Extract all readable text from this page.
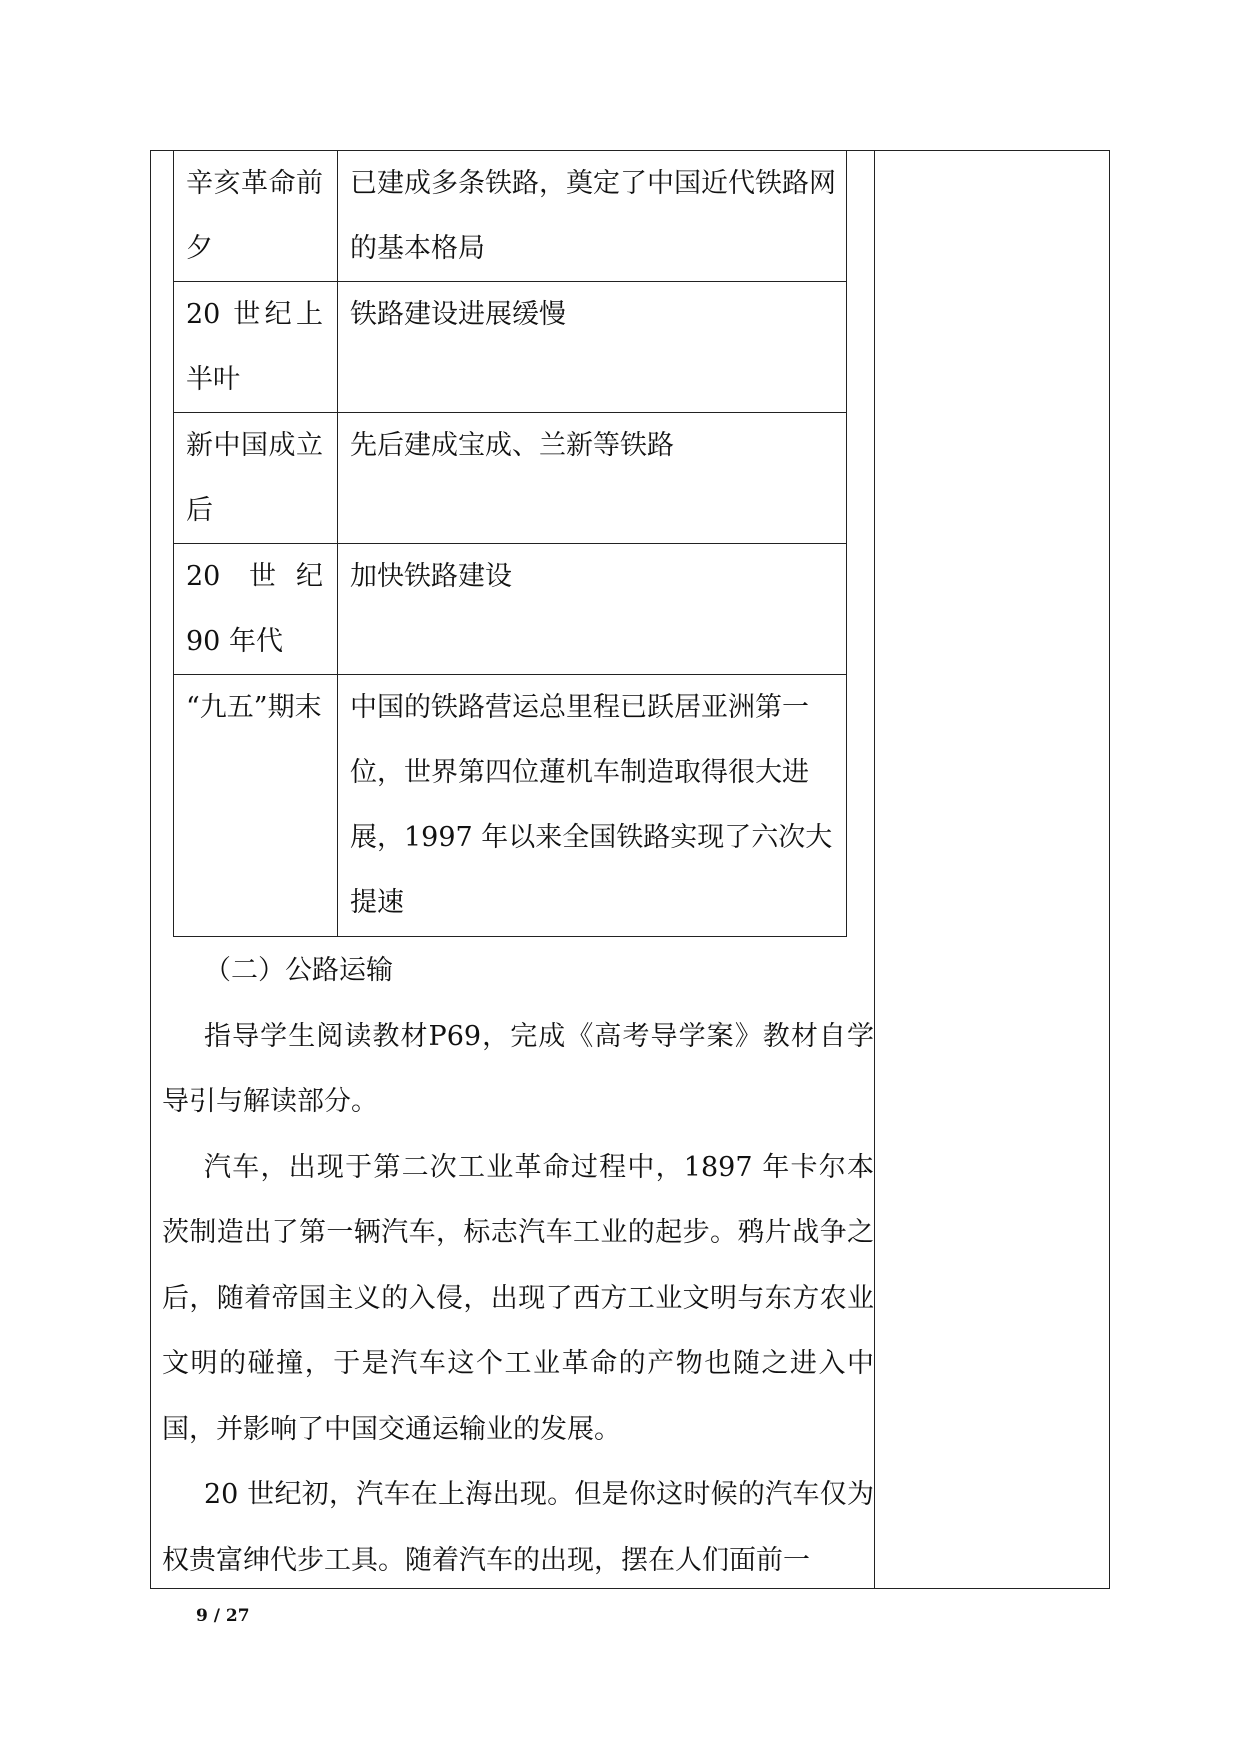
辛亥革命前夕	已建成多条铁路，奠定了中国近代铁路网的基本格局
20 世纪上半叶	铁路建设进展缓慢
新中国成立后	先后建成宝成、兰新等铁路
20 世纪 90 年代	加快铁路建设
“九五”期末	中国的铁路营运总里程已跃居亚洲第一位，世界第四位蓮机车制造取得很大进展，1997 年以来全国铁路实现了六次大提速

（二）公路运输

指导学生阅读教材P69，完成《高考导学案》教材自学导引与解读部分。

汽车，出现于第二次工业革命过程中，1897 年卡尔本茨制造出了第一辆汽车，标志汽车工业的起步。鸦片战争之后，随着帝国主义的入侵，出现了西方工业文明与东方农业文明的碰撞，于是汽车这个工业革命的产物也随之进入中国，并影响了中国交通运输业的发展。

20 世纪初，汽车在上海出现。但是你这时候的汽车仅为权贵富绅代步工具。随着汽车的出现，摆在人们面前一

9 / 27
